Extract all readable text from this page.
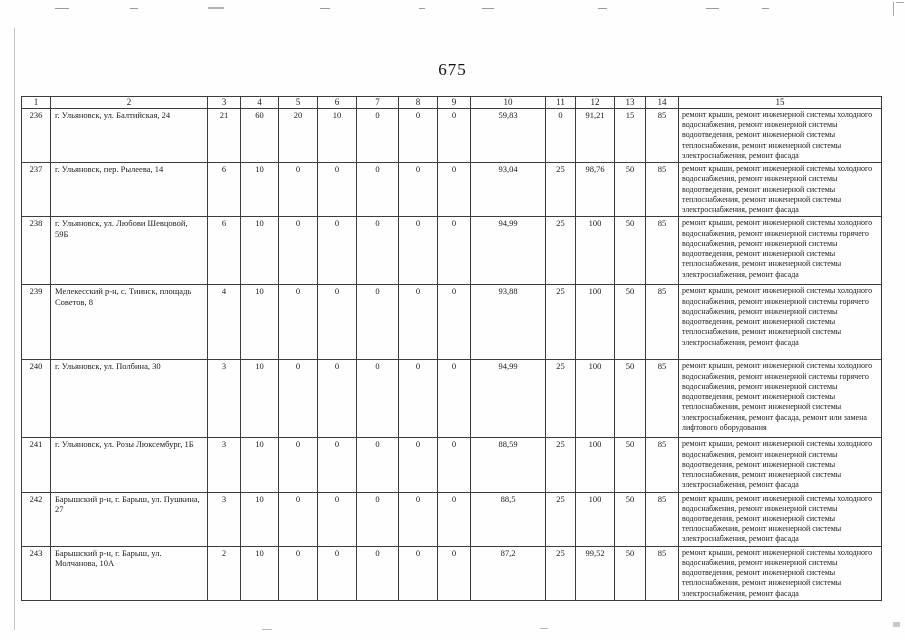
675
1	2	3	4	5	6	7	8	9	10	11	12	13	14	15
236	г. Ульяновск, ул. Балтийская, 24	21	60	20	10	0	0	0	59,83	0	91,21	15	85	ремонт крыши, ремонт инженерной системы холодного водоснабжения, ремонт инженерной системы водоотведения, ремонт инженерной системы теплоснабжения, ремонт инженерной системы электроснабжения, ремонт фасада
237	г. Ульяновск, пер. Рылеева, 14	6	10	0	0	0	0	0	93,04	25	98,76	50	85	ремонт крыши, ремонт инженерной системы холодного водоснабжения, ремонт инженерной системы водоотведения, ремонт инженерной системы теплоснабжения, ремонт инженерной системы электроснабжения, ремонт фасада
238	г. Ульяновск, ул. Любови Шевцовой, 59Б	6	10	0	0	0	0	0	94,99	25	100	50	85	ремонт крыши, ремонт инженерной системы холодного водоснабжения, ремонт инженерной системы горячего водоснабжения, ремонт инженерной системы водоотведения, ремонт инженерной системы теплоснабжения, ремонт инженерной системы электроснабжения, ремонт фасада
239	Мелекесский р-н, с. Тиинск, площадь Советов, 8	4	10	0	0	0	0	0	93,88	25	100	50	85	ремонт крыши, ремонт инженерной системы холодного водоснабжения, ремонт инженерной системы горячего водоснабжения, ремонт инженерной системы водоотведения, ремонт инженерной системы теплоснабжения, ремонт инженерной системы электроснабжения, ремонт фасада
240	г. Ульяновск, ул. Полбина, 30	3	10	0	0	0	0	0	94,99	25	100	50	85	ремонт крыши, ремонт инженерной системы холодного водоснабжения, ремонт инженерной системы горячего водоснабжения, ремонт инженерной системы водоотведения, ремонт инженерной системы теплоснабжения, ремонт инженерной системы электроснабжения, ремонт фасада, ремонт или замена лифтового оборудования
241	г. Ульяновск, ул. Розы Люксембург, 1Б	3	10	0	0	0	0	0	88,59	25	100	50	85	ремонт крыши, ремонт инженерной системы холодного водоснабжения, ремонт инженерной системы водоотведения, ремонт инженерной системы теплоснабжения, ремонт инженерной системы электроснабжения, ремонт фасада
242	Барышский р-н, г. Барыш, ул. Пушкина, 27	3	10	0	0	0	0	0	88,5	25	100	50	85	ремонт крыши, ремонт инженерной системы холодного водоснабжения, ремонт инженерной системы водоотведения, ремонт инженерной системы теплоснабжения, ремонт инженерной системы электроснабжения, ремонт фасада
243	Барышский р-н, г. Барыш, ул. Молчанова, 10А	2	10	0	0	0	0	0	87,2	25	99,52	50	85	ремонт крыши, ремонт инженерной системы холодного водоснабжения, ремонт инженерной системы водоотведения, ремонт инженерной системы теплоснабжения, ремонт инженерной системы электроснабжения, ремонт фасада
